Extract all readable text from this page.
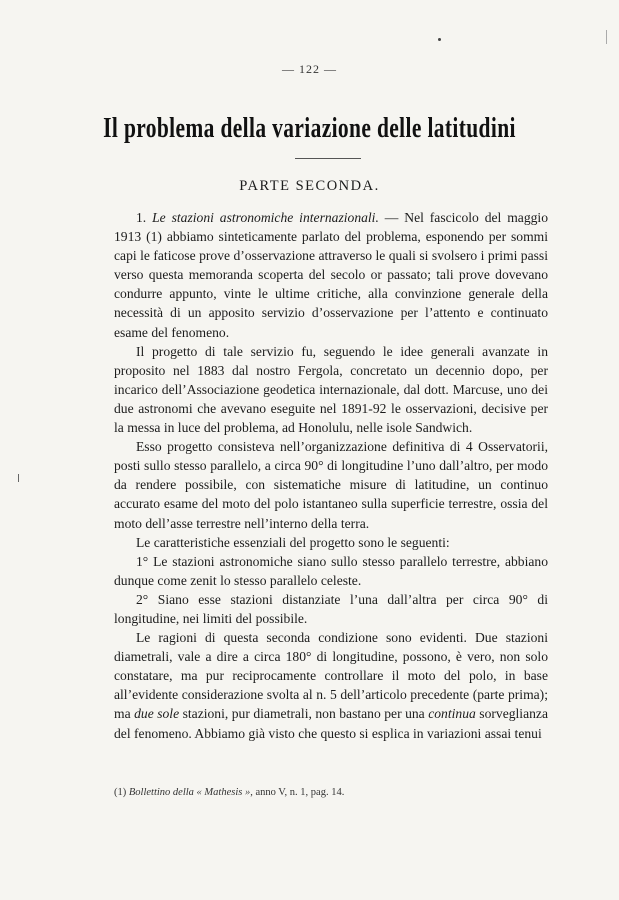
— 122 —
Il problema della variazione delle latitudini
PARTE SECONDA.

1. Le stazioni astronomiche internazionali. — Nel fascicolo del maggio 1913 (1) abbiamo sinteticamente parlato del problema, esponendo per sommi capi le faticose prove d’osservazione attraverso le quali si svolsero i primi passi verso questa memoranda scoperta del secolo or passato; tali prove dovevano condurre appunto, vinte le ultime critiche, alla convinzione generale della necessità di un apposito servizio d’osservazione per l’attento e continuato esame del fenomeno.

Il progetto di tale servizio fu, seguendo le idee generali avanzate in proposito nel 1883 dal nostro Fergola, concretato un decennio dopo, per incarico dell’Associazione geodetica internazionale, dal dott. Marcuse, uno dei due astronomi che avevano eseguite nel 1891-92 le osservazioni, decisive per la messa in luce del problema, ad Honolulu, nelle isole Sandwich.

Esso progetto consisteva nell’organizzazione definitiva di 4 Osservatorii, posti sullo stesso parallelo, a circa 90° di longitudine l’uno dall’altro, per modo da rendere possibile, con sistematiche misure di latitudine, un continuo accurato esame del moto del polo istantaneo sulla superficie terrestre, ossia del moto dell’asse terrestre nell’interno della terra.

Le caratteristiche essenziali del progetto sono le seguenti:

1° Le stazioni astronomiche siano sullo stesso parallelo terrestre, abbiano dunque come zenit lo stesso parallelo celeste.

2° Siano esse stazioni distanziate l’una dall’altra per circa 90° di longitudine, nei limiti del possibile.

Le ragioni di questa seconda condizione sono evidenti. Due stazioni diametrali, vale a dire a circa 180° di longitudine, possono, è vero, non solo constatare, ma pur reciprocamente controllare il moto del polo, in base all’evidente considerazione svolta al n. 5 dell’articolo precedente (parte prima); ma due sole stazioni, pur diametrali, non bastano per una continua sorveglianza del fenomeno. Abbiamo già visto che questo si esplica in variazioni assai tenui

(1) Bollettino della « Mathesis », anno V, n. 1, pag. 14.
